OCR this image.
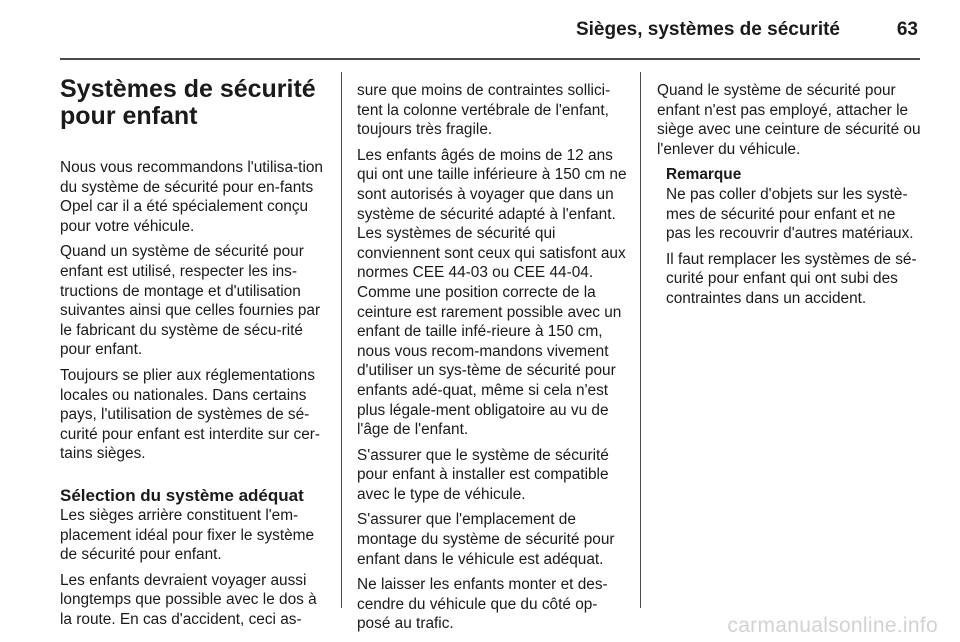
Sièges, systèmes de sécurité	63
Systèmes de sécurité
pour enfant

Nous vous recommandons l'utilisa-tion du système de sécurité pour en-fants Opel car il a été spécialement conçu pour votre véhicule.

Quand un système de sécurité pour enfant est utilisé, respecter les ins-tructions de montage et d'utilisation suivantes ainsi que celles fournies par le fabricant du système de sécu-rité pour enfant.

Toujours se plier aux réglementations locales ou nationales. Dans certains pays, l'utilisation de systèmes de sé-curité pour enfant est interdite sur cer-tains sièges.

Sélection du système adéquat

Les sièges arrière constituent l'em-placement idéal pour fixer le système de sécurité pour enfant.

Les enfants devraient voyager aussi longtemps que possible avec le dos à la route. En cas d'accident, ceci as-

sure que moins de contraintes sollici-tent la colonne vertébrale de l'enfant, toujours très fragile.

Les enfants âgés de moins de 12 ans qui ont une taille inférieure à 150 cm ne sont autorisés à voyager que dans un système de sécurité adapté à l'enfant. Les systèmes de sécurité qui conviennent sont ceux qui satisfont aux normes CEE 44-03 ou CEE 44-04. Comme une position correcte de la ceinture est rarement possible avec un enfant de taille infé-rieure à 150 cm, nous vous recom-mandons vivement d'utiliser un sys-tème de sécurité pour enfants adé-quat, même si cela n'est plus légale-ment obligatoire au vu de l'âge de l'enfant.

S'assurer que le système de sécurité pour enfant à installer est compatible avec le type de véhicule.

S'assurer que l'emplacement de montage du système de sécurité pour enfant dans le véhicule est adéquat.

Ne laisser les enfants monter et des-cendre du véhicule que du côté op-posé au trafic.

Quand le système de sécurité pour enfant n'est pas employé, attacher le siège avec une ceinture de sécurité ou l'enlever du véhicule.

Remarque

Ne pas coller d'objets sur les systè-mes de sécurité pour enfant et ne pas les recouvrir d'autres matériaux.

Il faut remplacer les systèmes de sé-curité pour enfant qui ont subi des contraintes dans un accident.

carmanualsonline.info
